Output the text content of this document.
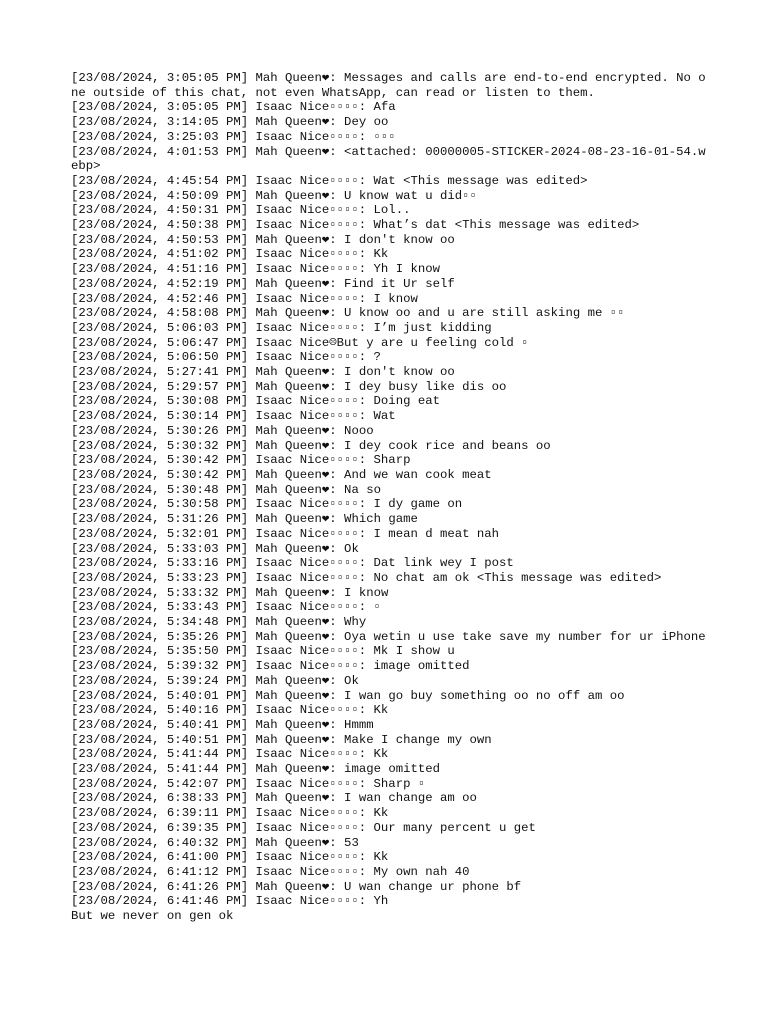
[23/08/2024, 3:05:05 PM] Mah Queen❤: Messages and calls are end-to-end encrypted. No one outside of this chat, not even WhatsApp, can read or listen to them.
[23/08/2024, 3:05:05 PM] Isaac Nice▫▫▫▫: Afa
[23/08/2024, 3:14:05 PM] Mah Queen❤: Dey oo
[23/08/2024, 3:25:03 PM] Isaac Nice▫▫▫▫: ▫▫▫
[23/08/2024, 4:01:53 PM] Mah Queen❤: <attached: 00000005-STICKER-2024-08-23-16-01-54.webp>
[23/08/2024, 4:45:54 PM] Isaac Nice▫▫▫▫: Wat <This message was edited>
[23/08/2024, 4:50:09 PM] Mah Queen❤: U know wat u did▫▫
[23/08/2024, 4:50:31 PM] Isaac Nice▫▫▫▫: Lol..
[23/08/2024, 4:50:38 PM] Isaac Nice▫▫▫▫: What’s dat <This message was edited>
[23/08/2024, 4:50:53 PM] Mah Queen❤: I don't know oo
[23/08/2024, 4:51:02 PM] Isaac Nice▫▫▫▫: Kk
[23/08/2024, 4:51:16 PM] Isaac Nice▫▫▫▫: Yh I know
[23/08/2024, 4:52:19 PM] Mah Queen❤: Find it Ur self
[23/08/2024, 4:52:46 PM] Isaac Nice▫▫▫▫: I know
[23/08/2024, 4:58:08 PM] Mah Queen❤: U know oo and u are still asking me ▫▫
[23/08/2024, 5:06:03 PM] Isaac Nice▫▫▫▫: I’m just kidding
[23/08/2024, 5:06:47 PM] Isaac Nice☹But y are u feeling cold ▫
[23/08/2024, 5:06:50 PM] Isaac Nice▫▫▫▫: ?
[23/08/2024, 5:27:41 PM] Mah Queen❤: I don't know oo
[23/08/2024, 5:29:57 PM] Mah Queen❤: I dey busy like dis oo
[23/08/2024, 5:30:08 PM] Isaac Nice▫▫▫▫: Doing eat
[23/08/2024, 5:30:14 PM] Isaac Nice▫▫▫▫: Wat
[23/08/2024, 5:30:26 PM] Mah Queen❤: Nooo
[23/08/2024, 5:30:32 PM] Mah Queen❤: I dey cook rice and beans oo
[23/08/2024, 5:30:42 PM] Isaac Nice▫▫▫▫: Sharp
[23/08/2024, 5:30:42 PM] Mah Queen❤: And we wan cook meat
[23/08/2024, 5:30:48 PM] Mah Queen❤: Na so
[23/08/2024, 5:30:58 PM] Isaac Nice▫▫▫▫: I dy game on
[23/08/2024, 5:31:26 PM] Mah Queen❤: Which game
[23/08/2024, 5:32:01 PM] Isaac Nice▫▫▫▫: I mean d meat nah
[23/08/2024, 5:33:03 PM] Mah Queen❤: Ok
[23/08/2024, 5:33:16 PM] Isaac Nice▫▫▫▫: Dat link wey I post
[23/08/2024, 5:33:23 PM] Isaac Nice▫▫▫▫: No chat am ok <This message was edited>
[23/08/2024, 5:33:32 PM] Mah Queen❤: I know
[23/08/2024, 5:33:43 PM] Isaac Nice▫▫▫▫: ▫
[23/08/2024, 5:34:48 PM] Mah Queen❤: Why
[23/08/2024, 5:35:26 PM] Mah Queen❤: Oya wetin u use take save my number for ur iPhone
[23/08/2024, 5:35:50 PM] Isaac Nice▫▫▫▫: Mk I show u
[23/08/2024, 5:39:32 PM] Isaac Nice▫▫▫▫: image omitted
[23/08/2024, 5:39:24 PM] Mah Queen❤: Ok
[23/08/2024, 5:40:01 PM] Mah Queen❤: I wan go buy something oo no off am oo
[23/08/2024, 5:40:16 PM] Isaac Nice▫▫▫▫: Kk
[23/08/2024, 5:40:41 PM] Mah Queen❤: Hmmm
[23/08/2024, 5:40:51 PM] Mah Queen❤: Make I change my own
[23/08/2024, 5:41:44 PM] Isaac Nice▫▫▫▫: Kk
[23/08/2024, 5:41:44 PM] Mah Queen❤: image omitted
[23/08/2024, 5:42:07 PM] Isaac Nice▫▫▫▫: Sharp ▫
[23/08/2024, 6:38:33 PM] Mah Queen❤: I wan change am oo
[23/08/2024, 6:39:11 PM] Isaac Nice▫▫▫▫: Kk
[23/08/2024, 6:39:35 PM] Isaac Nice▫▫▫▫: Our many percent u get
[23/08/2024, 6:40:32 PM] Mah Queen❤: 53
[23/08/2024, 6:41:00 PM] Isaac Nice▫▫▫▫: Kk
[23/08/2024, 6:41:12 PM] Isaac Nice▫▫▫▫: My own nah 40
[23/08/2024, 6:41:26 PM] Mah Queen❤: U wan change ur phone bf
[23/08/2024, 6:41:46 PM] Isaac Nice▫▫▫▫: Yh
But we never on gen ok
